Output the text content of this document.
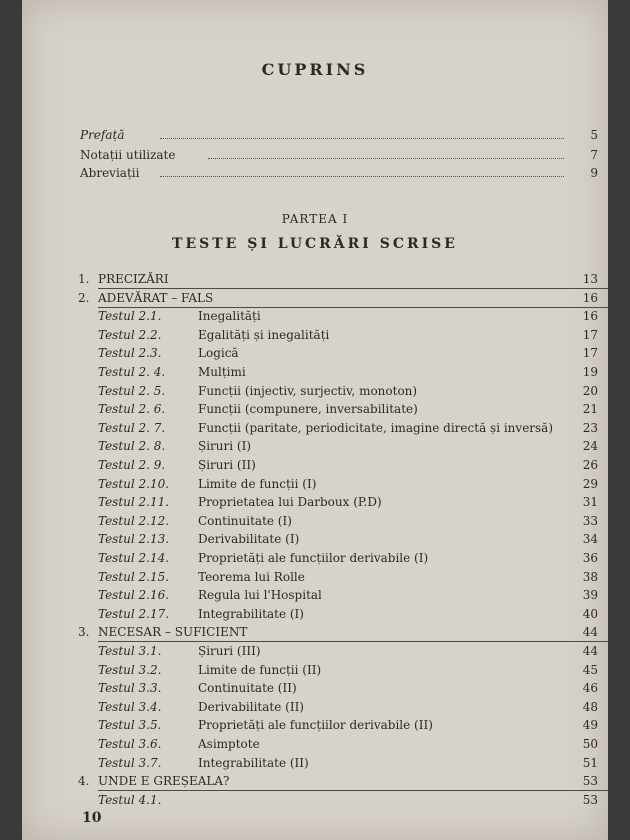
CUPRINS
Prefață	5
Notații utilizate	7
Abreviații	9
PARTEA I
TESTE ȘI LUCRĂRI SCRISE
1. PRECIZĂRI	13
2. ADEVĂRAT – FALS	16
Testul 2.1.	Inegalități	16
Testul 2.2.	Egalități și inegalități	17
Testul 2.3.	Logică	17
Testul 2. 4.	Mulțimi	19
Testul 2. 5.	Funcții (injectiv, surjectiv, monoton)	20
Testul 2. 6.	Funcții (compunere, inversabilitate)	21
Testul 2. 7.	Funcții (paritate, periodicitate, imagine directă și inversă) 23
Testul 2. 8.	Șiruri (I)	24
Testul 2. 9.	Șiruri (II)	26
Testul 2.10. Limite de funcții (I)	29
Testul 2.11. Proprietatea lui Darboux (P.D)	31
Testul 2.12. Continuitate (I)	33
Testul 2.13. Derivabilitate (I)	34
Testul 2.14. Proprietăți ale funcțiilor derivabile (I)	36
Testul 2.15. Teorema lui Rolle	38
Testul 2.16. Regula lui l'Hospital	39
Testul 2.17. Integrabilitate (I)	40
3. NECESAR – SUFICIENT	44
Testul 3.1.	Șiruri (III)	44
Testul 3.2.	Limite de funcții (II)	45
Testul 3.3.	Continuitate (II)	46
Testul 3.4.	Derivabilitate (II)	48
Testul 3.5.	Proprietăți ale funcțiilor derivabile (II)	49
Testul 3.6.	Asimptote	50
Testul 3.7.	Integrabilitate (II)	51
4. UNDE E GREȘEALA?	53
Testul 4.1.	53
10
